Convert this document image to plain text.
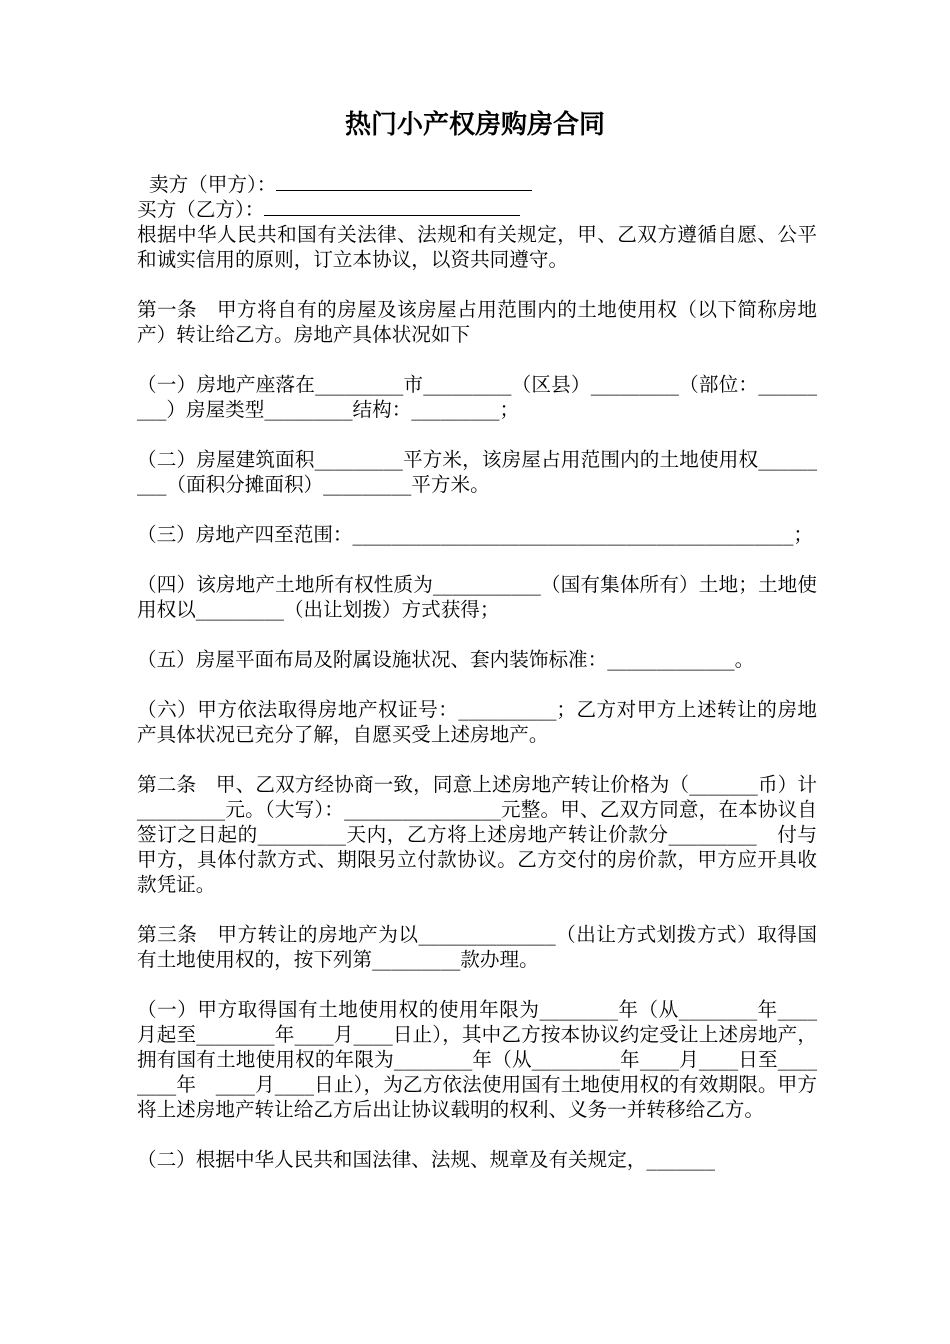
热门小产权房购房合同

卖方（甲方）：

买方（乙方）：

根据中华人民共和国有关法律、法规和有关规定，甲、乙双方遵循自愿、公平和诚实信用的原则，订立本协议，以资共同遵守。

第一条　甲方将自有的房屋及该房屋占用范围内的土地使用权（以下简称房地产）转让给乙方。房地产具体状况如下

（一）房地产座落在_________市_________（区县）_________（部位：_________）房屋类型_________结构：_________；

（二）房屋建筑面积_________平方米，该房屋占用范围内的土地使用权_________（面积分摊面积）_________平方米。

（三）房地产四至范围：_____________________________________________；

（四）该房地产土地所有权性质为___________（国有集体所有）土地；土地使用权以_________（出让划拨）方式获得；

（五）房屋平面布局及附属设施状况、套内装饰标准：_____________。

（六）甲方依法取得房地产权证号：__________；乙方对甲方上述转让的房地产具体状况已充分了解，自愿买受上述房地产。

第二条　甲、乙双方经协商一致，同意上述房地产转让价格为（_______币）计_________元。（大写）：________________元整。甲、乙双方同意，在本协议自签订之日起的_________天内，乙方将上述房地产转让价款分_________　付与甲方，具体付款方式、期限另立付款协议。乙方交付的房价款，甲方应开具收款凭证。

第三条　甲方转让的房地产为以______________（出让方式划拨方式）取得国有土地使用权的，按下列第_________款办理。

（一）甲方取得国有土地使用权的使用年限为________年（从________年____月起至________年____月____日止），其中乙方按本协议约定受让上述房地产，拥有国有土地使用权的年限为________年（从_________年____月____日至________年　____月____日止），为乙方依法使用国有土地使用权的有效期限。甲方将上述房地产转让给乙方后出让协议载明的权利、义务一并转移给乙方。

（二）根据中华人民共和国法律、法规、规章及有关规定，_______
